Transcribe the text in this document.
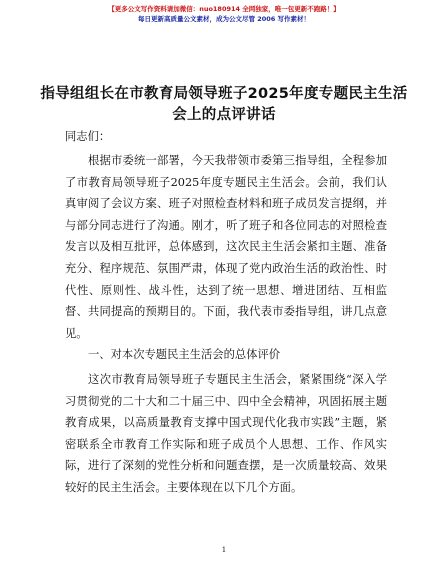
【更多公文写作资料请加微信：nuo180914 全网独家，唯一包更新不跑路！】
每日更新高质量公文素材，成为公文尽管 2006 写作素材！
指导组组长在市教育局领导班子2025年度专题民主生活会上的点评讲话
同志们：

根据市委统一部署，今天我带领市委第三指导组，全程参加了市教育局领导班子2025年度专题民主生活会。会前，我们认真审阅了会议方案、班子对照检查材料和班子成员发言提纲，并与部分同志进行了沟通。刚才，听了班子和各位同志的对照检查发言以及相互批评，总体感到，这次民主生活会紧扣主题、准备充分、程序规范、氛围严肃，体现了党内政治生活的政治性、时代性、原则性、战斗性，达到了统一思想、增进团结、互相监督、共同提高的预期目的。下面，我代表市委指导组，讲几点意见。

一、对本次专题民主生活会的总体评价

这次市教育局领导班子专题民主生活会，紧紧围绕“深入学习贯彻党的二十大和二十届三中、四中全会精神，巩固拓展主题教育成果，以高质量教育支撑中国式现代化我市实践”主题，紧密联系全市教育工作实际和班子成员个人思想、工作、作风实际，进行了深刻的党性分析和问题查摆，是一次质量较高、效果较好的民主生活会。主要体现在以下几个方面。

1
